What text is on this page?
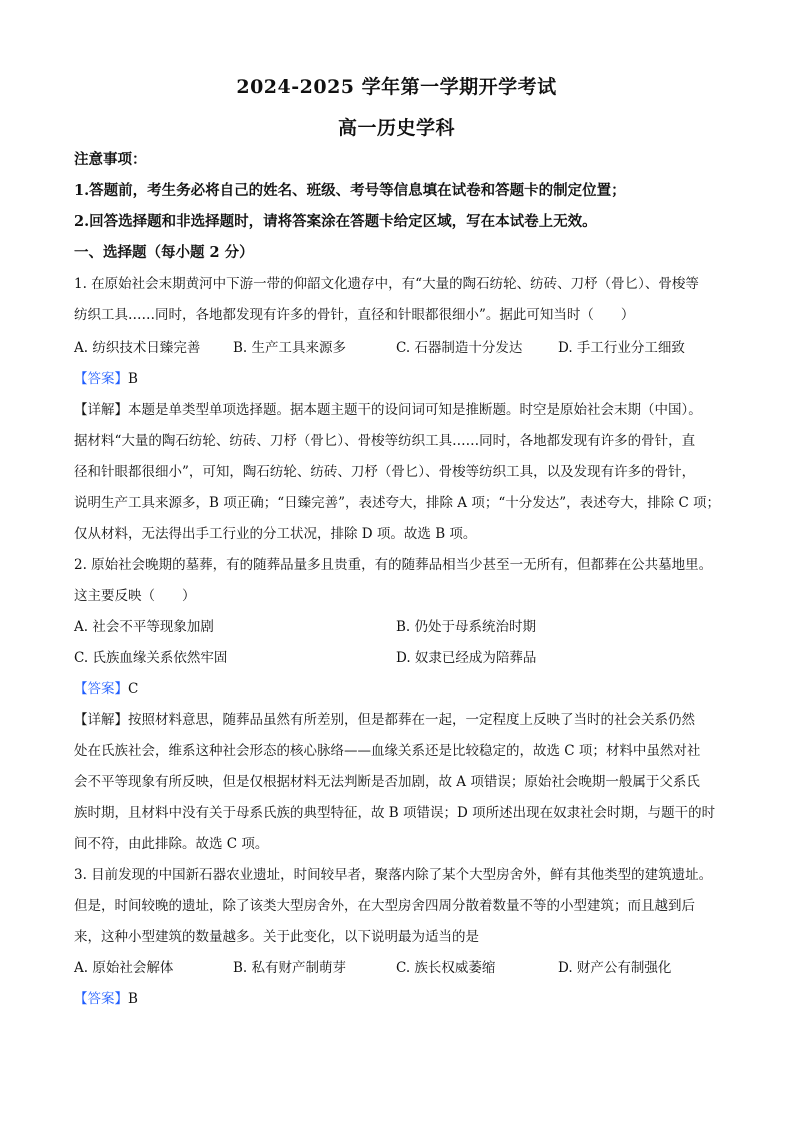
2024-2025 学年第一学期开学考试
高一历史学科
注意事项：
1.答题前，考生务必将自己的姓名、班级、考号等信息填在试卷和答题卡的制定位置；
2.回答选择题和非选择题时，请将答案涂在答题卡给定区域，写在本试卷上无效。
一、选择题（每小题 2 分）
1. 在原始社会末期黄河中下游一带的仰韶文化遗存中，有“大量的陶石纺轮、纺砖、刀杼（骨匕）、骨梭等
纺织工具……同时，各地都发现有许多的骨针，直径和针眼都很细小”。据此可知当时（　　）
A. 纺织技术日臻完善 B. 生产工具来源多	C. 石器制造十分发达	D. 手工行业分工细致
【答案】B
【详解】本题是单类型单项选择题。据本题主题干的设问词可知是推断题。时空是原始社会末期（中国）。
据材料“大量的陶石纺轮、纺砖、刀杼（骨匕）、骨梭等纺织工具……同时，各地都发现有许多的骨针，直
径和针眼都很细小”，可知，陶石纺轮、纺砖、刀杼（骨匕）、骨梭等纺织工具，以及发现有许多的骨针，
说明生产工具来源多，B 项正确；“日臻完善”，表述夸大，排除 A 项；“十分发达”，表述夸大，排除 C 项；
仅从材料，无法得出手工行业的分工状况，排除 D 项。故选 B 项。
2. 原始社会晚期的墓葬，有的随葬品量多且贵重，有的随葬品相当少甚至一无所有，但都葬在公共墓地里。
这主要反映（　　）
A. 社会不平等现象加剧	B. 仍处于母系统治时期
C. 氏族血缘关系依然牢固	D. 奴隶已经成为陪葬品
【答案】C
【详解】按照材料意思，随葬品虽然有所差别，但是都葬在一起，一定程度上反映了当时的社会关系仍然
处在氏族社会，维系这种社会形态的核心脉络——血缘关系还是比较稳定的，故选 C 项；材料中虽然对社
会不平等现象有所反映，但是仅根据材料无法判断是否加剧，故 A 项错误；原始社会晚期一般属于父系氏
族时期，且材料中没有关于母系氏族的典型特征，故 B 项错误；D 项所述出现在奴隶社会时期，与题干的时
间不符，由此排除。故选 C 项。
3. 目前发现的中国新石器农业遗址，时间较早者，聚落内除了某个大型房舍外，鲜有其他类型的建筑遗址。
但是，时间较晚的遗址，除了该类大型房舍外，在大型房舍四周分散着数量不等的小型建筑；而且越到后
来，这种小型建筑的数量越多。关于此变化，以下说明最为适当的是
A. 原始社会解体	B. 私有财产制萌芽	C. 族长权威萎缩	D. 财产公有制强化
【答案】B
